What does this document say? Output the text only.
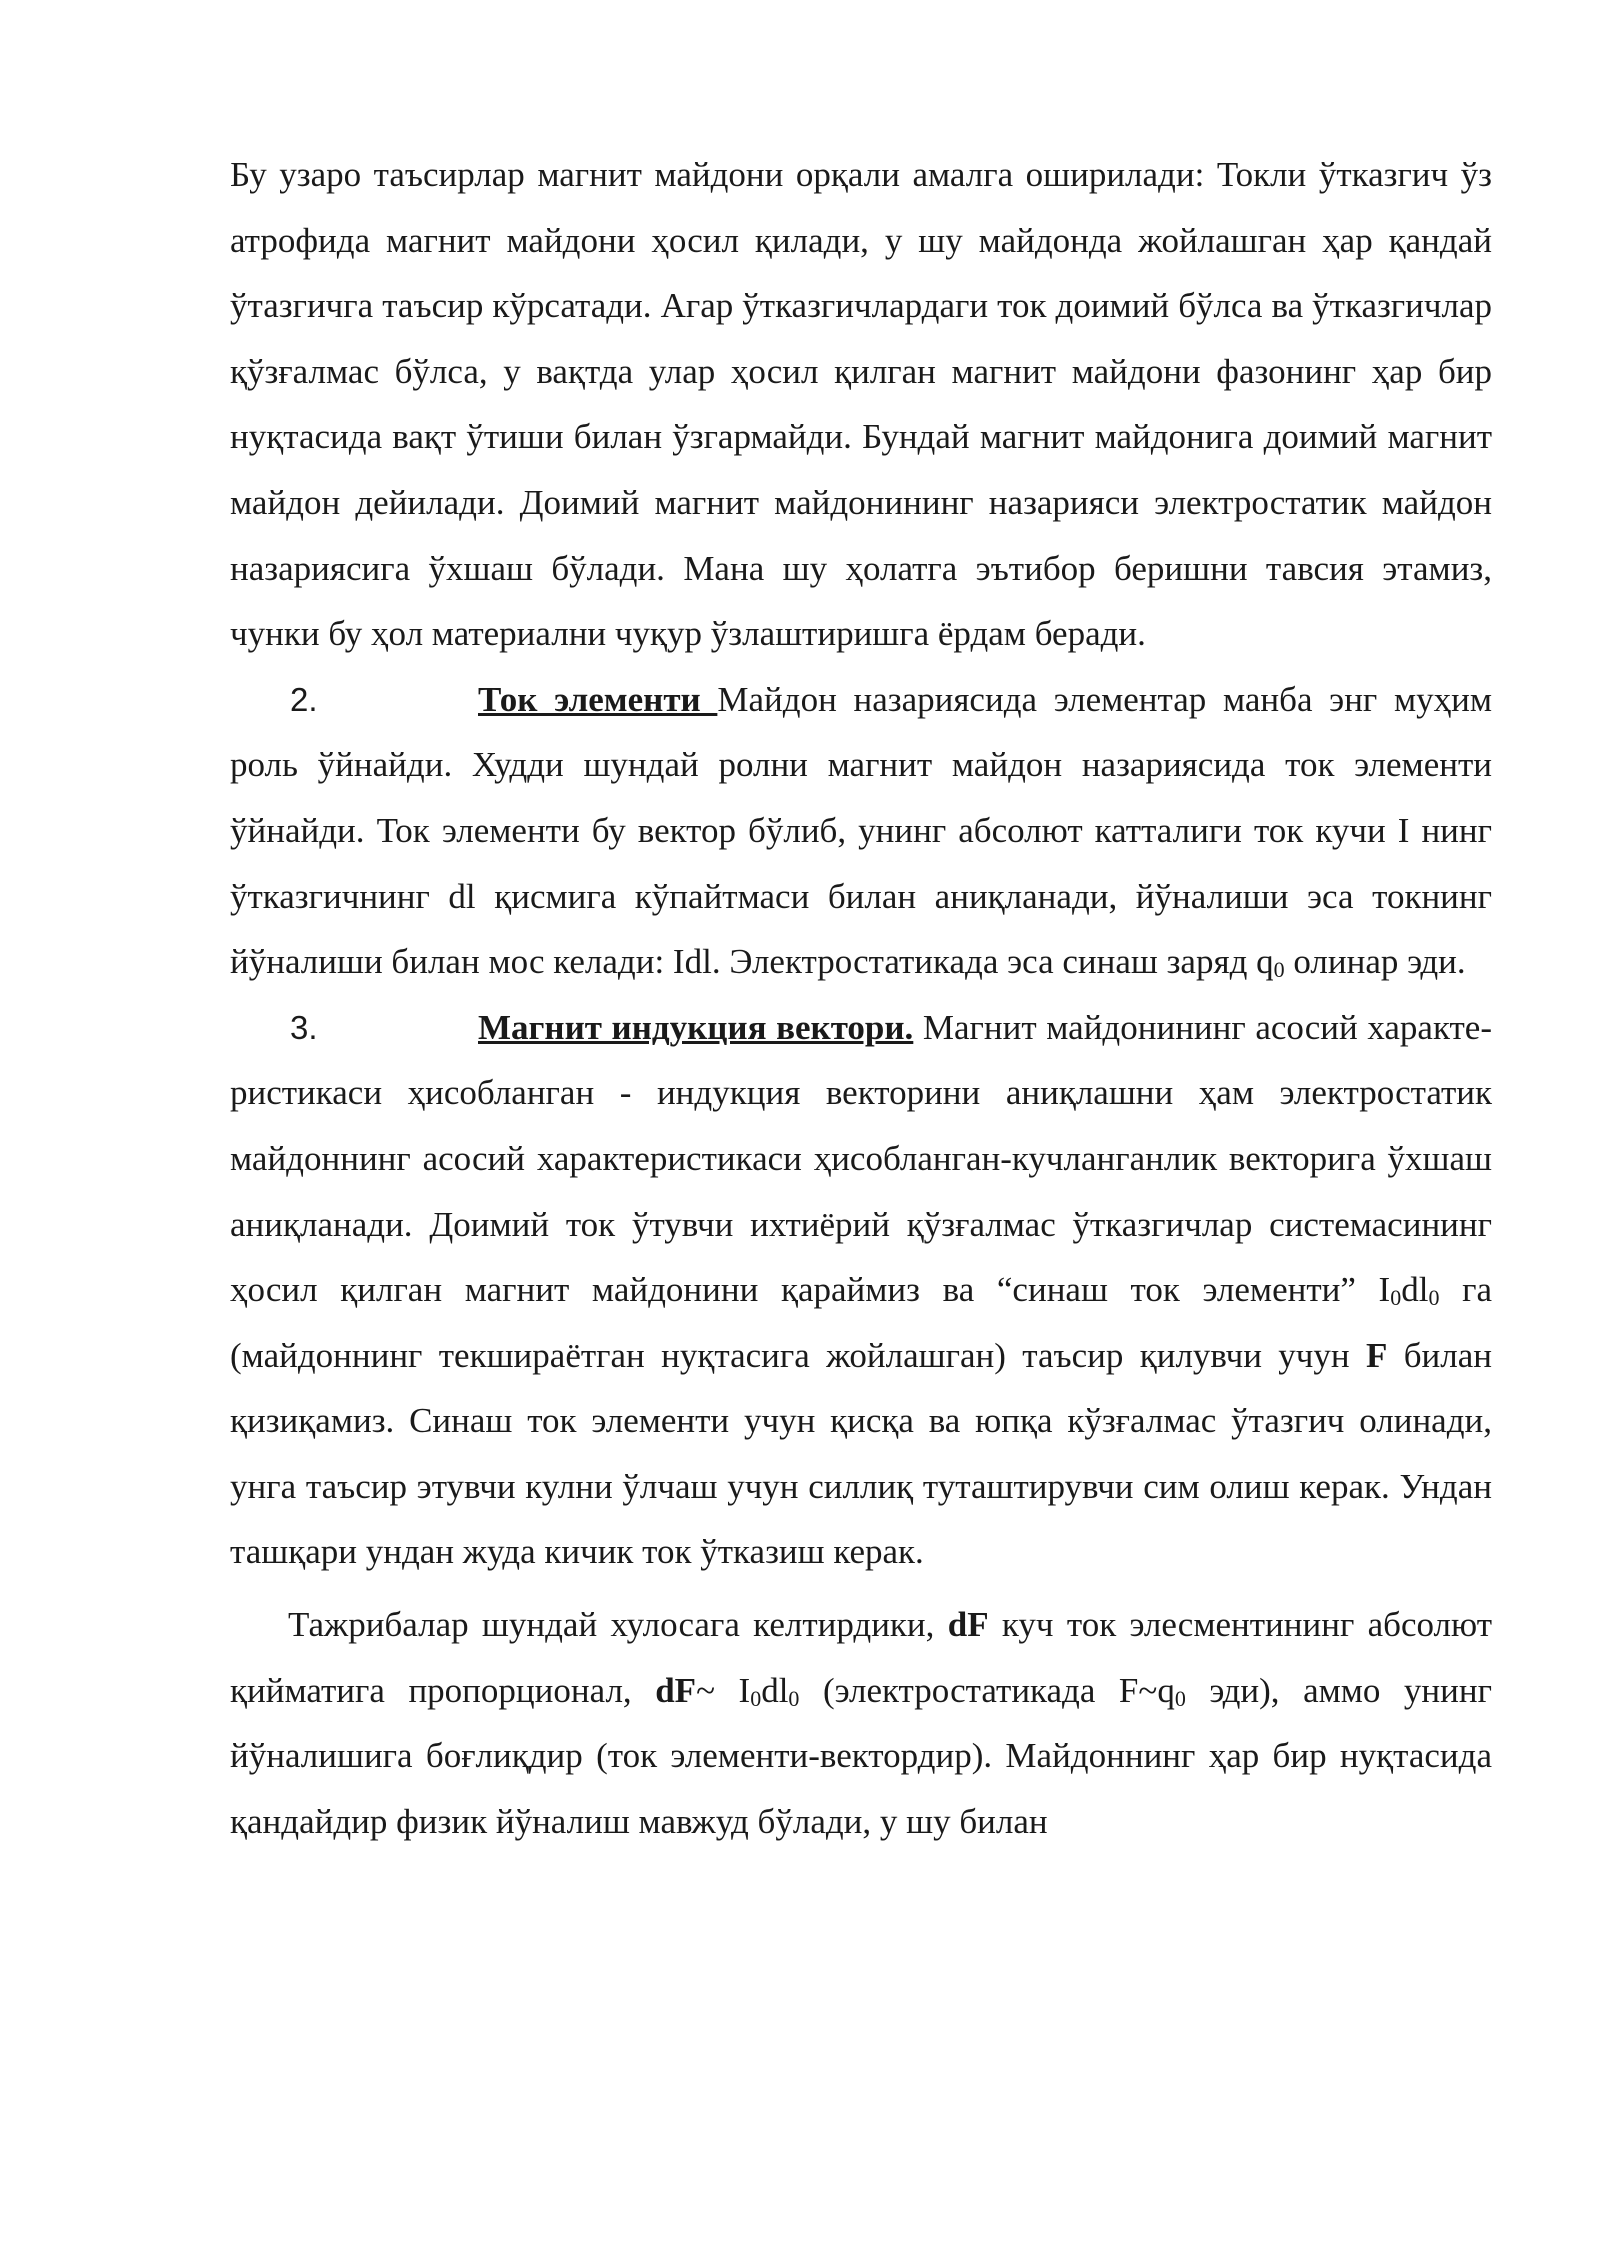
Бу узаро таъсирлар магнит майдони орқали амалга оширилади: Токли ўтказгич ўз атрофида магнит майдони ҳосил қилади, у шу майдонда жойлашган ҳар қандай ўтазгичга таъсир кўрсатади. Агар ўтказгичлардаги ток доимий бўлса ва ўтказгичлар қўзғалмас бўлса, у вақтда улар ҳосил қилган магнит майдони фазонинг ҳар бир нуқтасида вақт ўтиши билан ўзгармайди. Бундай магнит майдонига доимий магнит майдон дейилади. Доимий магнит майдонининг назарияси электростатик майдон назариясига ўхшаш бўлади. Мана шу ҳолатга эътибор беришни тавсия этамиз, чунки бу ҳол материални чуқур ўзлаштиришга ёрдам беради.

2.	Ток элементи Майдон назариясида элементар манба энг муҳим роль ўйнайди. Худди шундай ролни магнит майдон назариясида ток элементи ўйнайди. Ток элементи бу вектор бўлиб, унинг абсолют катталиги ток кучи I нинг ўтказгичнинг dl қисмига кўпайтмаси билан аниқланади, йўналиши эса токнинг йўналиши билан мос келади: Idl. Электростатикада эса синаш заряд $q_0$ олинар эди.

3.	Магнит индукция вектори. Магнит майдонининг асосий характе-ристикаси ҳисобланган - индукция векторини аниқлашни ҳам электростатик майдоннинг асосий характеристикаси ҳисобланган-кучланганлик векторига ўхшаш аниқланади. Доимий ток ўтувчи ихтиёрий қўзғалмас ўтказгичлар системасининг ҳосил қилган магнит майдонини қараймиз ва “синаш ток элементи” $I_0dl_0$ га (майдоннинг текшираётган нуқтасига жойлашган) таъсир қилувчи учун F билан қизиқамиз. Синаш ток элементи учун қисқа ва юпқа кўзғалмас ўтазгич олинади, унга таъсир этувчи кулни ўлчаш учун силлиқ туташтирувчи сим олиш керак. Ундан ташқари ундан жуда кичик ток ўтказиш керак.

Тажрибалар шундай хулосага келтирдики, dF куч ток элесментининг абсолют қийматига пропорционал, dF~ $I_0dl_0$ (электростатикада $F\sim q_0$ эди), аммо унинг йўналишига боғлиқдир (ток элементи-вектордир). Майдоннинг ҳар бир нуқтасида қандайдир физик йўналиш мавжуд бўлади, у шу билан
